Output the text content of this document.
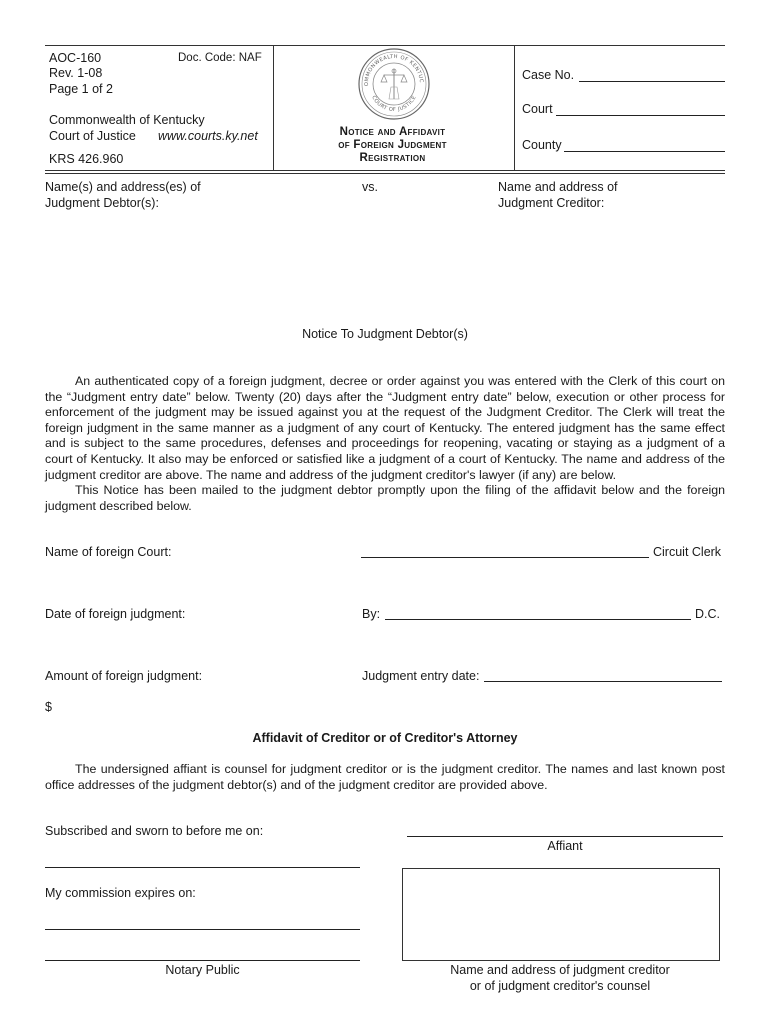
AOC-160	Doc. Code: NAF
Rev. 1-08
Page 1 of 2
Commonwealth of Kentucky
Court of Justice www.courts.ky.net
KRS 426.960
OMMONWEALTH OF KENTUC
COURT OF JUSTICE
Notice and Affidavit
of Foreign Judgment
Registration
Case No.
Court
County
Name(s) and address(es) of
Judgment Debtor(s):
vs.	Name and address of
Judgment Creditor:
Notice To Judgment Debtor(s)

An authenticated copy of a foreign judgment, decree or order against you was entered with the Clerk of this court on the “Judgment entry date” below. Twenty (20) days after the “Judgment entry date” below, execution or other process for enforcement of the judgment may be issued against you at the request of the Judgment Creditor. The Clerk will treat the foreign judgment in the same manner as a judgment of any court of Kentucky. The entered judgment has the same effect and is subject to the same procedures, defenses and proceedings for reopening, vacating or staying as a judgment of a court of Kentucky. It also may be enforced or satisfied like a judgment of a court of Kentucky. The name and address of the judgment creditor are above. The name and address of the judgment creditor's lawyer (if any) are below.

This Notice has been mailed to the judgment debtor promptly upon the filing of the affidavit below and the foreign judgment described below.

Name of foreign Court:	Circuit Clerk
Date of foreign judgment:	By:	D.C.
Amount of foreign judgment:	Judgment entry date:
$
Affidavit of Creditor or of Creditor's Attorney

The undersigned affiant is counsel for judgment creditor or is the judgment creditor. The names and last known post office addresses of the judgment debtor(s) and of the judgment creditor are provided above.

Subscribed and sworn to before me on:
Affiant
My commission expires on:
Notary Public	Name and address of judgment creditor
or of judgment creditor's counsel
